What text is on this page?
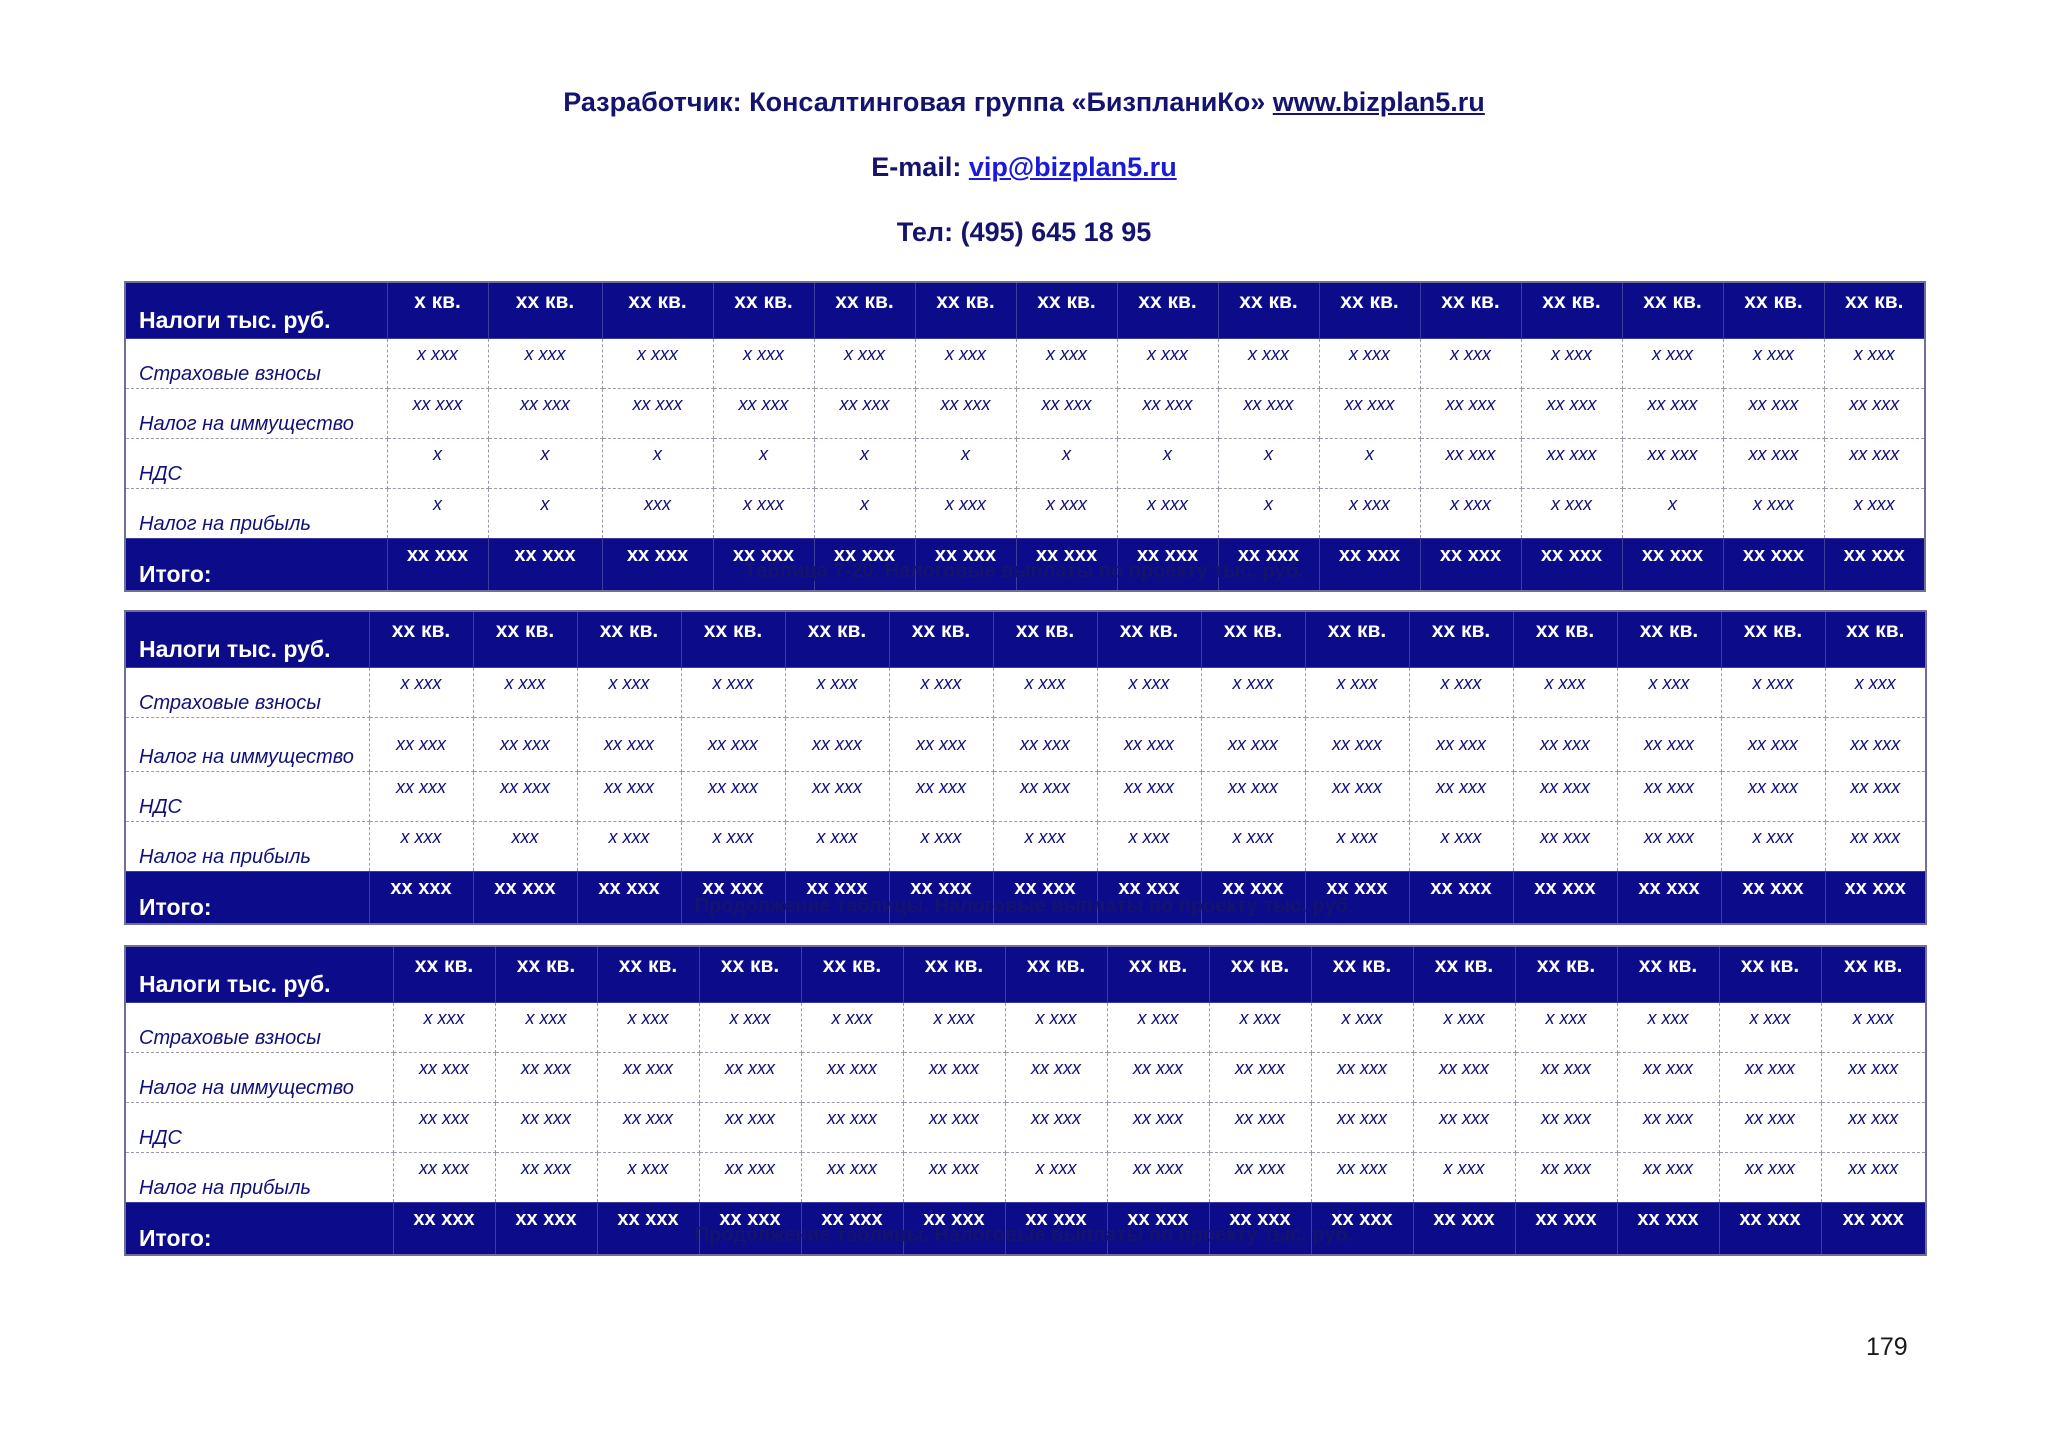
Разработчик: Консалтинговая группа «БизпланиКо» www.bizplan5.ru
E-mail: vip@bizplan5.ru
Тел: (495) 645 18 95
Налоги тыс. руб.	x кв.	xx кв.	xx кв.	xx кв.	xx кв.	xx кв.	xx кв.	xx кв.	xx кв.	xx кв.	xx кв.	xx кв.	xx кв.	xx кв.	xx кв.
Страховые взносы	x xxx	x xxx	x xxx	x xxx	x xxx	x xxx	x xxx	x xxx	x xxx	x xxx	x xxx	x xxx	x xxx	x xxx	x xxx
Налог на иммущество	xx xxx	xx xxx	xx xxx	xx xxx	xx xxx	xx xxx	xx xxx	xx xxx	xx xxx	xx xxx	xx xxx	xx xxx	xx xxx	xx xxx	xx xxx
НДС	x	x	x	x	x	x	x	x	x	x	xx xxx	xx xxx	xx xxx	xx xxx	xx xxx
Налог на прибыль	x	x	xxx	x xxx	x	x xxx	x xxx	x xxx	x	x xxx	x xxx	x xxx	x	x xxx	x xxx
Итого:	xx xxx	xx xxx	xx xxx	xx xxx	xx xxx	xx xxx	xx xxx	xx xxx	xx xxx	xx xxx	xx xxx	xx xxx	xx xxx	xx xxx	xx xxx
Таблица 7-20. Налоговые выплаты по проекту тыс. руб.
Налоги тыс. руб.	xx кв.	xx кв.	xx кв.	xx кв.	xx кв.	xx кв.	xx кв.	xx кв.	xx кв.	xx кв.	xx кв.	xx кв.	xx кв.	xx кв.	xx кв.
Страховые взносы	x xxx	x xxx	x xxx	x xxx	x xxx	x xxx	x xxx	x xxx	x xxx	x xxx	x xxx	x xxx	x xxx	x xxx	x xxx
Налог на иммущество	xx xxx	xx xxx	xx xxx	xx xxx	xx xxx	xx xxx	xx xxx	xx xxx	xx xxx	xx xxx	xx xxx	xx xxx	xx xxx	xx xxx	xx xxx
НДС	xx xxx	xx xxx	xx xxx	xx xxx	xx xxx	xx xxx	xx xxx	xx xxx	xx xxx	xx xxx	xx xxx	xx xxx	xx xxx	xx xxx	xx xxx
Налог на прибыль	x xxx	xxx	x xxx	x xxx	x xxx	x xxx	x xxx	x xxx	x xxx	x xxx	x xxx	xx xxx	xx xxx	x xxx	xx xxx
Итого:	xx xxx	xx xxx	xx xxx	xx xxx	xx xxx	xx xxx	xx xxx	xx xxx	xx xxx	xx xxx	xx xxx	xx xxx	xx xxx	xx xxx	xx xxx
Продолжение таблицы. Налоговые выплаты по проекту тыс. руб.
Налоги тыс. руб.	xx кв.	xx кв.	xx кв.	xx кв.	xx кв.	xx кв.	xx кв.	xx кв.	xx кв.	xx кв.	xx кв.	xx кв.	xx кв.	xx кв.	xx кв.
Страховые взносы	x xxx	x xxx	x xxx	x xxx	x xxx	x xxx	x xxx	x xxx	x xxx	x xxx	x xxx	x xxx	x xxx	x xxx	x xxx
Налог на иммущество	xx xxx	xx xxx	xx xxx	xx xxx	xx xxx	xx xxx	xx xxx	xx xxx	xx xxx	xx xxx	xx xxx	xx xxx	xx xxx	xx xxx	xx xxx
НДС	xx xxx	xx xxx	xx xxx	xx xxx	xx xxx	xx xxx	xx xxx	xx xxx	xx xxx	xx xxx	xx xxx	xx xxx	xx xxx	xx xxx	xx xxx
Налог на прибыль	xx xxx	xx xxx	x xxx	xx xxx	xx xxx	xx xxx	x xxx	xx xxx	xx xxx	xx xxx	x xxx	xx xxx	xx xxx	xx xxx	xx xxx
Итого:	xx xxx	xx xxx	xx xxx	xx xxx	xx xxx	xx xxx	xx xxx	xx xxx	xx xxx	xx xxx	xx xxx	xx xxx	xx xxx	xx xxx	xx xxx
Продолжение таблицы. Налоговые выплаты по проекту тыс. руб.
179
